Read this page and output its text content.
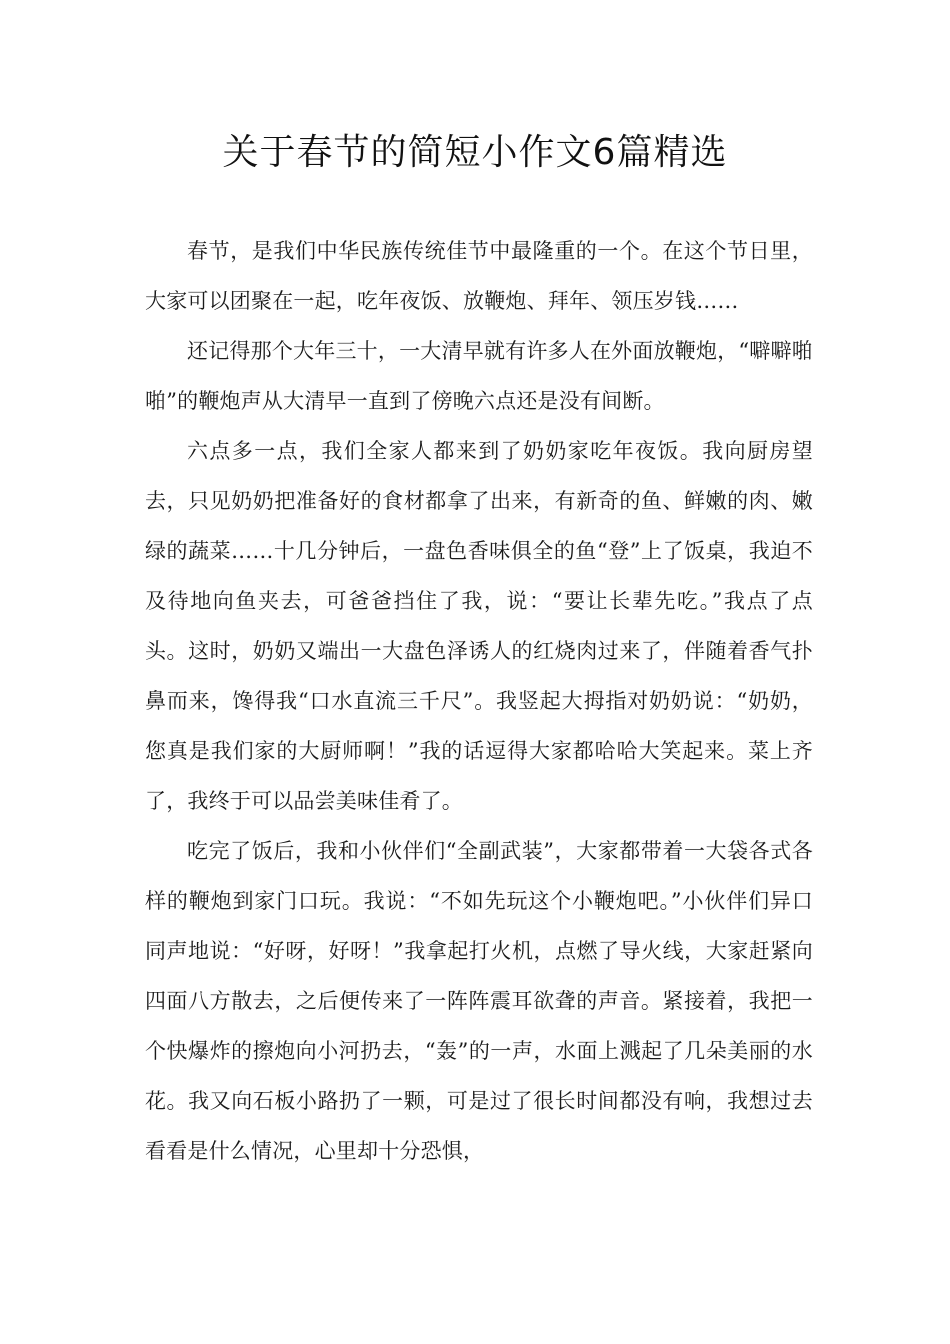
关于春节的简短小作文6篇精选

春节，是我们中华民族传统佳节中最隆重的一个。在这个节日里，大家可以团聚在一起，吃年夜饭、放鞭炮、拜年、领压岁钱……

还记得那个大年三十，一大清早就有许多人在外面放鞭炮，“噼噼啪啪”的鞭炮声从大清早一直到了傍晚六点还是没有间断。

六点多一点，我们全家人都来到了奶奶家吃年夜饭。我向厨房望去，只见奶奶把准备好的食材都拿了出来，有新奇的鱼、鲜嫩的肉、嫩绿的蔬菜……十几分钟后，一盘色香味俱全的鱼“登”上了饭桌，我迫不及待地向鱼夹去，可爸爸挡住了我，说：“要让长辈先吃。”我点了点头。这时，奶奶又端出一大盘色泽诱人的红烧肉过来了，伴随着香气扑鼻而来，馋得我“口水直流三千尺”。我竖起大拇指对奶奶说：“奶奶，您真是我们家的大厨师啊！”我的话逗得大家都哈哈大笑起来。菜上齐了，我终于可以品尝美味佳肴了。

吃完了饭后，我和小伙伴们“全副武装”，大家都带着一大袋各式各样的鞭炮到家门口玩。我说：“不如先玩这个小鞭炮吧。”小伙伴们异口同声地说：“好呀，好呀！”我拿起打火机，点燃了导火线，大家赶紧向四面八方散去，之后便传来了一阵阵震耳欲聋的声音。紧接着，我把一个快爆炸的擦炮向小河扔去，“轰”的一声，水面上溅起了几朵美丽的水花。我又向石板小路扔了一颗，可是过了很长时间都没有响，我想过去看看是什么情况，心里却十分恐惧，
